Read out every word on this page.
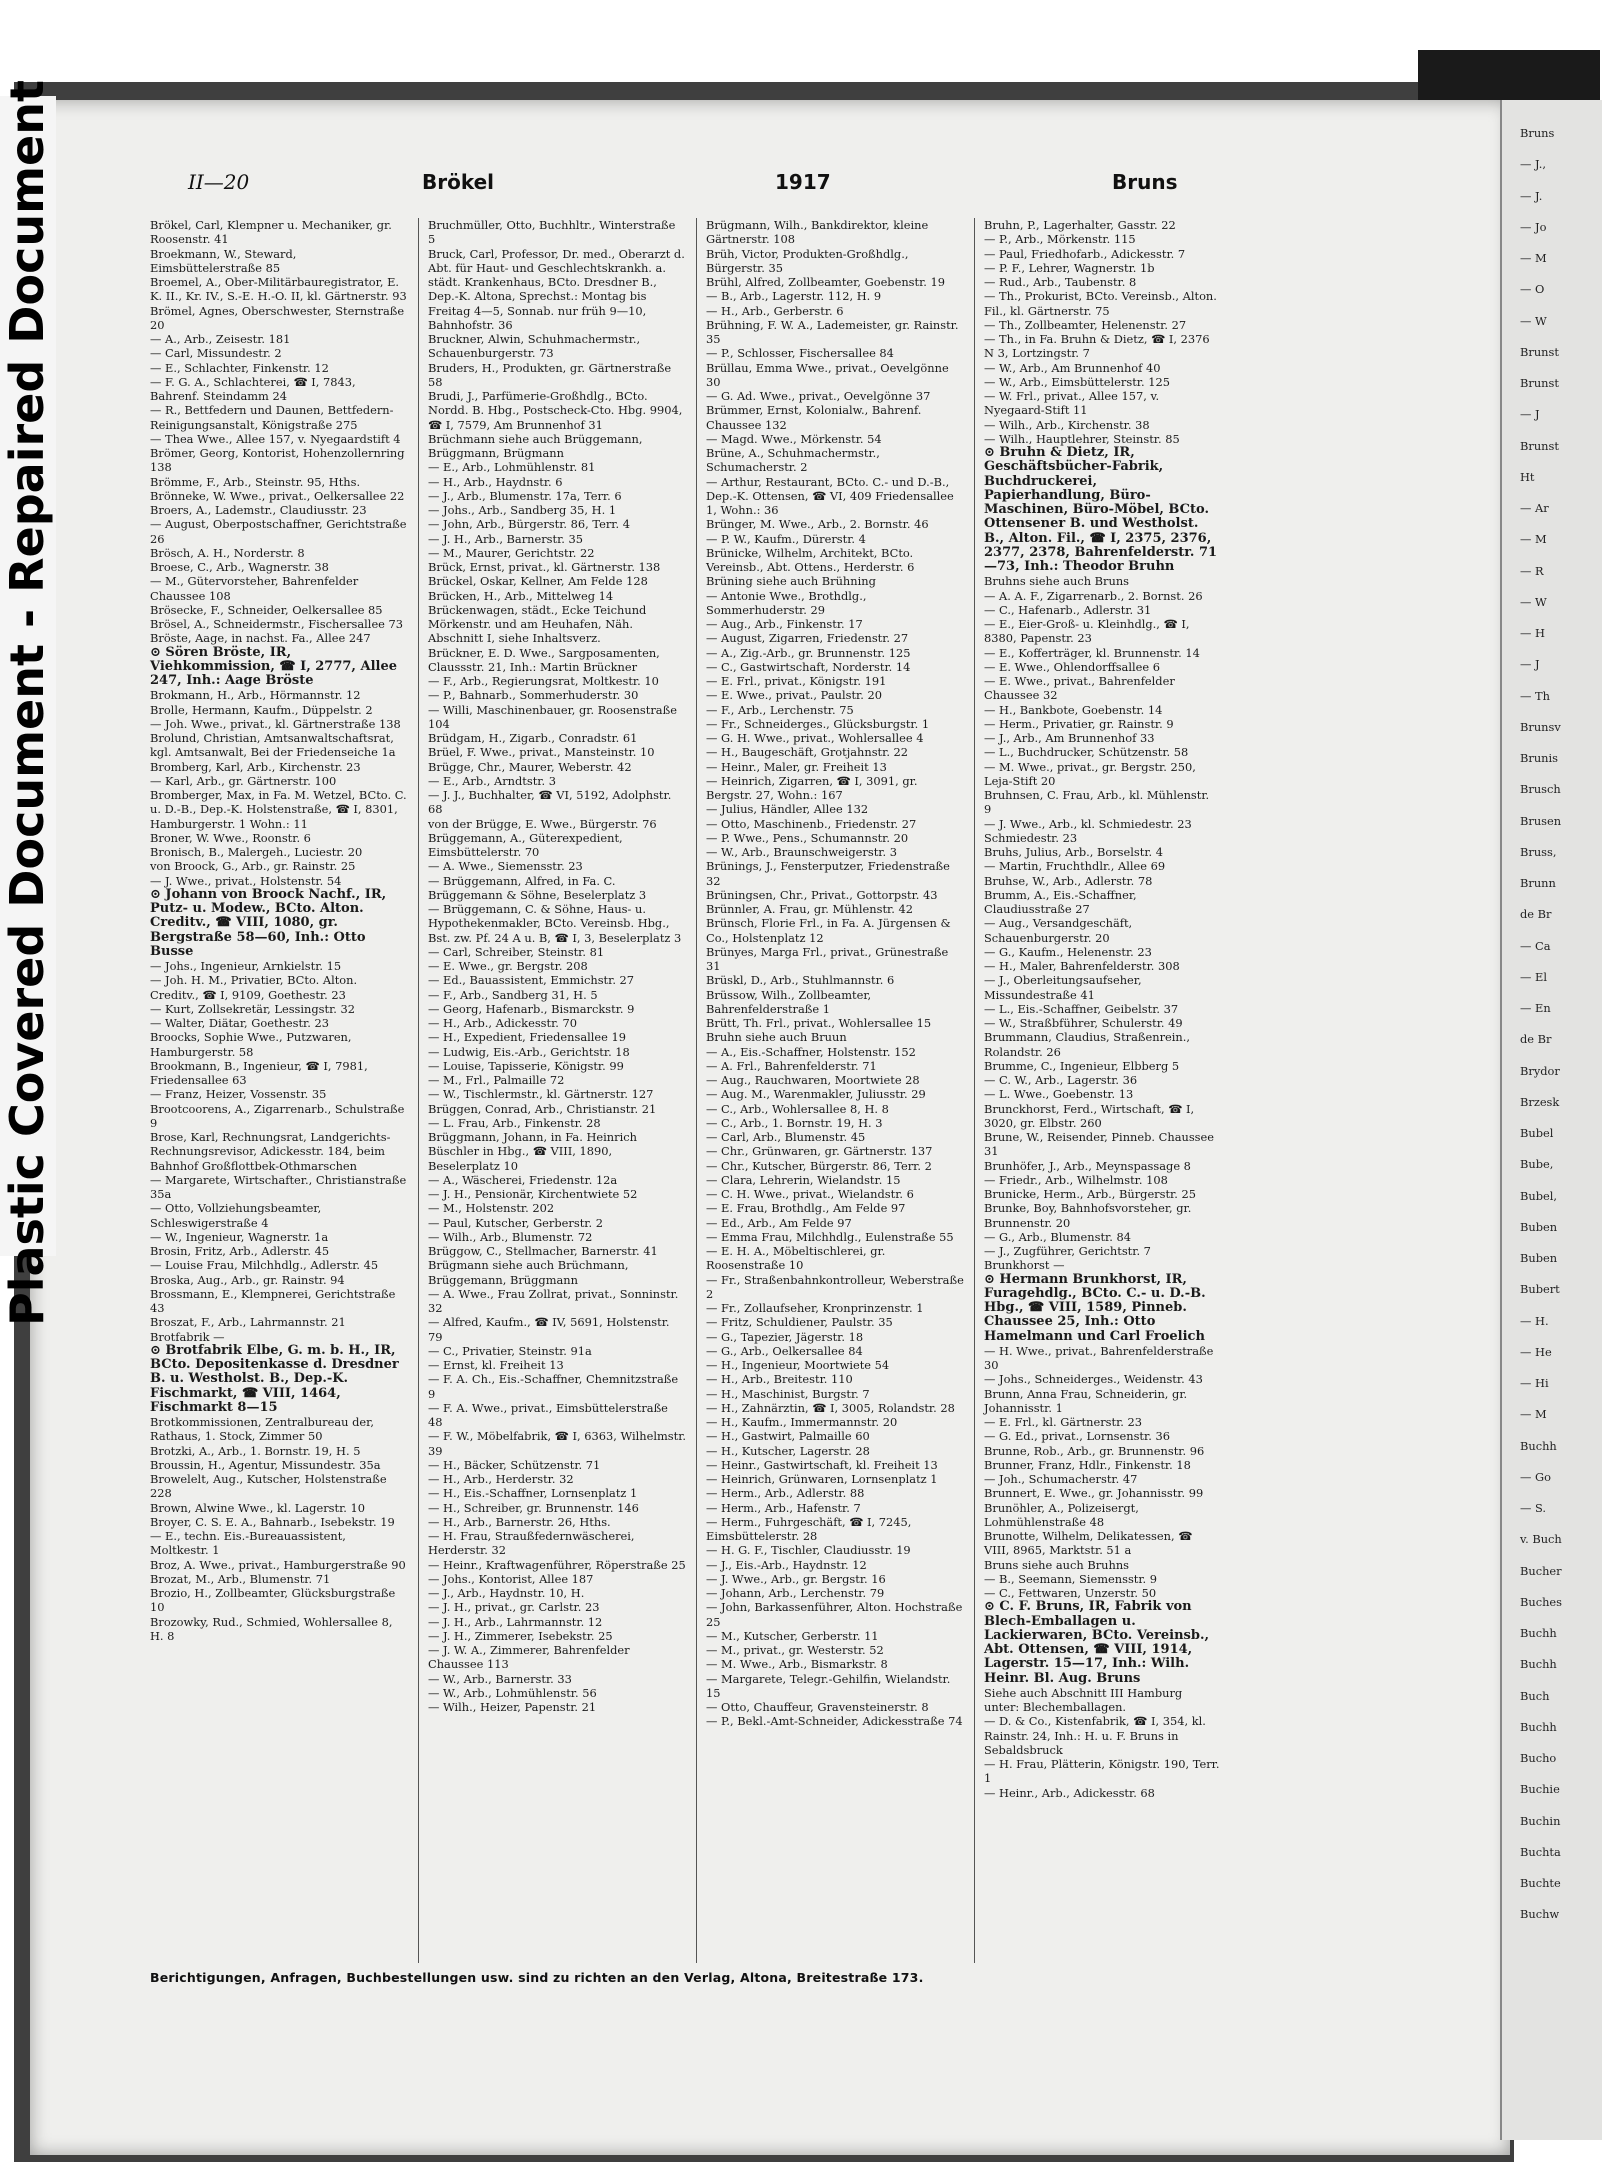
II—20	Brökel	1917	Bruns
Brökel, Carl, Klempner u. Mechaniker, gr. Roosenstr. 41
Broekmann, W., Steward, Eimsbüttelerstraße 85
Broemel, A., Ober-Militärbauregistrator, E. K. II., Kr. IV., S.-E. H.-O. II, kl. Gärtnerstr. 93
Brömel, Agnes, Oberschwester, Sternstraße 20
— A., Arb., Zeisestr. 181
— Carl, Missundestr. 2
— E., Schlachter, Finkenstr. 12
— F. G. A., Schlachterei, ☎ I, 7843, Bahrenf. Steindamm 24
— R., Bettfedern und Daunen, Bettfedern-Reinigungsanstalt, Königstraße 275
— Thea Wwe., Allee 157, v. Nyegaardstift 4
Brömer, Georg, Kontorist, Hohenzollernring 138
Brömme, F., Arb., Steinstr. 95, Hths.
Brönneke, W. Wwe., privat., Oelkersallee 22
Broers, A., Lademstr., Claudiusstr. 23
— August, Oberpostschaffner, Gerichtstraße 26
Brösch, A. H., Norderstr. 8
Broese, C., Arb., Wagnerstr. 38
— M., Gütervorsteher, Bahrenfelder Chaussee 108
Brösecke, F., Schneider, Oelkersallee 85
Brösel, A., Schneidermstr., Fischersallee 73
Bröste, Aage, in nachst. Fa., Allee 247
⊙ Sören Bröste, IR, Viehkommission, ☎ I, 2777, Allee 247, Inh.: Aage Bröste
Brokmann, H., Arb., Hörmannstr. 12
Brolle, Hermann, Kaufm., Düppelstr. 2
— Joh. Wwe., privat., kl. Gärtnerstraße 138
Brolund, Christian, Amtsanwaltschaftsrat, kgl. Amtsanwalt, Bei der Friedenseiche 1a
Bromberg, Karl, Arb., Kirchenstr. 23
— Karl, Arb., gr. Gärtnerstr. 100
Bromberger, Max, in Fa. M. Wetzel, BCto. C. u. D.-B., Dep.-K. Holstenstraße, ☎ I, 8301, Hamburgerstr. 1 Wohn.: 11
Broner, W. Wwe., Roonstr. 6
Bronisch, B., Malergeh., Luciestr. 20
von Broock, G., Arb., gr. Rainstr. 25
— J. Wwe., privat., Holstenstr. 54
⊙ Johann von Broock Nachf., IR, Putz- u. Modew., BCto. Alton. Creditv., ☎ VIII, 1080, gr. Bergstraße 58—60, Inh.: Otto Busse
— Johs., Ingenieur, Arnkielstr. 15
— Joh. H. M., Privatier, BCto. Alton. Creditv., ☎ I, 9109, Goethestr. 23
— Kurt, Zollsekretär, Lessingstr. 32
— Walter, Diätar, Goethestr. 23
Broocks, Sophie Wwe., Putzwaren, Hamburgerstr. 58
Brookmann, B., Ingenieur, ☎ I, 7981, Friedensallee 63
— Franz, Heizer, Vossenstr. 35
Brootcoorens, A., Zigarrenarb., Schulstraße 9
Brose, Karl, Rechnungsrat, Landgerichts-Rechnungsrevisor, Adickesstr. 184, beim Bahnhof Großflottbek-Othmarschen
— Margarete, Wirtschafter., Christianstraße 35a
— Otto, Vollziehungsbeamter, Schleswigerstraße 4
— W., Ingenieur, Wagnerstr. 1a
Brosin, Fritz, Arb., Adlerstr. 45
— Louise Frau, Milchhdlg., Adlerstr. 45
Broska, Aug., Arb., gr. Rainstr. 94
Brossmann, E., Klempnerei, Gerichtstraße 43
Broszat, F., Arb., Lahrmannstr. 21
Brotfabrik —
⊙ Brotfabrik Elbe, G. m. b. H., IR, BCto. Depositenkasse d. Dresdner B. u. Westholst. B., Dep.-K. Fischmarkt, ☎ VIII, 1464, Fischmarkt 8—15
Brotkommissionen, Zentralbureau der, Rathaus, 1. Stock, Zimmer 50
Brotzki, A., Arb., 1. Bornstr. 19, H. 5
Broussin, H., Agentur, Missundestr. 35a
Browelelt, Aug., Kutscher, Holstenstraße 228
Brown, Alwine Wwe., kl. Lagerstr. 10
Broyer, C. S. E. A., Bahnarb., Isebekstr. 19
— E., techn. Eis.-Bureauassistent, Moltkestr. 1
Broz, A. Wwe., privat., Hamburgerstraße 90
Brozat, M., Arb., Blumenstr. 71
Brozio, H., Zollbeamter, Glücksburgstraße 10
Brozowky, Rud., Schmied, Wohlersallee 8, H. 8
Bruchmüller, Otto, Buchhltr., Winterstraße 5
Bruck, Carl, Professor, Dr. med., Oberarzt d. Abt. für Haut- und Geschlechtskrankh. a. städt. Krankenhaus, BCto. Dresdner B., Dep.-K. Altona, Sprechst.: Montag bis Freitag 4—5, Sonnab. nur früh 9—10, Bahnhofstr. 36
Bruckner, Alwin, Schuhmachermstr., Schauenburgerstr. 73
Bruders, H., Produkten, gr. Gärtnerstraße 58
Brudi, J., Parfümerie-Großhdlg., BCto. Nordd. B. Hbg., Postscheck-Cto. Hbg. 9904, ☎ I, 7579, Am Brunnenhof 31
Brüchmann siehe auch Brüggemann, Brüggmann, Brügmann
— E., Arb., Lohmühlenstr. 81
— H., Arb., Haydnstr. 6
— J., Arb., Blumenstr. 17a, Terr. 6
— Johs., Arb., Sandberg 35, H. 1
— John, Arb., Bürgerstr. 86, Terr. 4
— J. H., Arb., Barnerstr. 35
— M., Maurer, Gerichtstr. 22
Brück, Ernst, privat., kl. Gärtnerstr. 138
Brückel, Oskar, Kellner, Am Felde 128
Brücken, H., Arb., Mittelweg 14
Brückenwagen, städt., Ecke Teichund Mörkenstr. und am Heuhafen, Näh. Abschnitt I, siehe Inhaltsverz.
Brückner, E. D. Wwe., Sargposamenten, Claussstr. 21, Inh.: Martin Brückner
— F., Arb., Regierungsrat, Moltkestr. 10
— P., Bahnarb., Sommerhuderstr. 30
— Willi, Maschinenbauer, gr. Roosenstraße 104
Brüdgam, H., Zigarb., Conradstr. 61
Brüel, F. Wwe., privat., Mansteinstr. 10
Brügge, Chr., Maurer, Weberstr. 42
— E., Arb., Arndtstr. 3
— J. J., Buchhalter, ☎ VI, 5192, Adolphstr. 68
von der Brügge, E. Wwe., Bürgerstr. 76
Brüggemann, A., Güterexpedient, Eimsbüttelerstr. 70
— A. Wwe., Siemensstr. 23
— Brüggemann, Alfred, in Fa. C. Brüggemann & Söhne, Beselerplatz 3
— Brüggemann, C. & Söhne, Haus- u. Hypothekenmakler, BCto. Vereinsb. Hbg., Bst. zw. Pf. 24 A u. B, ☎ I, 3, Beselerplatz 3
— Carl, Schreiber, Steinstr. 81
— E. Wwe., gr. Bergstr. 208
— Ed., Bauassistent, Emmichstr. 27
— F., Arb., Sandberg 31, H. 5
— Georg, Hafenarb., Bismarckstr. 9
— H., Arb., Adickesstr. 70
— H., Expedient, Friedensallee 19
— Ludwig, Eis.-Arb., Gerichtstr. 18
— Louise, Tapisserie, Königstr. 99
— M., Frl., Palmaille 72
— W., Tischlermstr., kl. Gärtnerstr. 127
Brüggen, Conrad, Arb., Christianstr. 21
— L. Frau, Arb., Finkenstr. 28
Brüggmann, Johann, in Fa. Heinrich Büschler in Hbg., ☎ VIII, 1890, Beselerplatz 10
— A., Wäscherei, Friedenstr. 12a
— J. H., Pensionär, Kirchentwiete 52
— M., Holstenstr. 202
— Paul, Kutscher, Gerberstr. 2
— Wilh., Arb., Blumenstr. 72
Brüggow, C., Stellmacher, Barnerstr. 41
Brügmann siehe auch Brüchmann, Brüggemann, Brüggmann
— A. Wwe., Frau Zollrat, privat., Sonninstr. 32
— Alfred, Kaufm., ☎ IV, 5691, Holstenstr. 79
— C., Privatier, Steinstr. 91a
— Ernst, kl. Freiheit 13
— F. A. Ch., Eis.-Schaffner, Chemnitzstraße 9
— F. A. Wwe., privat., Eimsbüttelerstraße 48
— F. W., Möbelfabrik, ☎ I, 6363, Wilhelmstr. 39
— H., Bäcker, Schützenstr. 71
— H., Arb., Herderstr. 32
— H., Eis.-Schaffner, Lornsenplatz 1
— H., Schreiber, gr. Brunnenstr. 146
— H., Arb., Barnerstr. 26, Hths.
— H. Frau, Straußfedernwäscherei, Herderstr. 32
— Heinr., Kraftwagenführer, Röperstraße 25
— Johs., Kontorist, Allee 187
— J., Arb., Haydnstr. 10, H.
— J. H., privat., gr. Carlstr. 23
— J. H., Arb., Lahrmannstr. 12
— J. H., Zimmerer, Isebekstr. 25
— J. W. A., Zimmerer, Bahrenfelder Chaussee 113
— W., Arb., Barnerstr. 33
— W., Arb., Lohmühlenstr. 56
— Wilh., Heizer, Papenstr. 21
Brügmann, Wilh., Bankdirektor, kleine Gärtnerstr. 108
Brüh, Victor, Produkten-Großhdlg., Bürgerstr. 35
Brühl, Alfred, Zollbeamter, Goebenstr. 19
— B., Arb., Lagerstr. 112, H. 9
— H., Arb., Gerberstr. 6
Brühning, F. W. A., Lademeister, gr. Rainstr. 35
— P., Schlosser, Fischersallee 84
Brüllau, Emma Wwe., privat., Oevelgönne 30
— G. Ad. Wwe., privat., Oevelgönne 37
Brümmer, Ernst, Kolonialw., Bahrenf. Chaussee 132
— Magd. Wwe., Mörkenstr. 54
Brüne, A., Schuhmachermstr., Schumacherstr. 2
— Arthur, Restaurant, BCto. C.- und D.-B., Dep.-K. Ottensen, ☎ VI, 409 Friedensallee 1, Wohn.: 36
Brünger, M. Wwe., Arb., 2. Bornstr. 46
— P. W., Kaufm., Dürerstr. 4
Brünicke, Wilhelm, Architekt, BCto. Vereinsb., Abt. Ottens., Herderstr. 6
Brüning siehe auch Brühning
— Antonie Wwe., Brothdlg., Sommerhuderstr. 29
— Aug., Arb., Finkenstr. 17
— August, Zigarren, Friedenstr. 27
— A., Zig.-Arb., gr. Brunnenstr. 125
— C., Gastwirtschaft, Norderstr. 14
— E. Frl., privat., Königstr. 191
— E. Wwe., privat., Paulstr. 20
— F., Arb., Lerchenstr. 75
— Fr., Schneiderges., Glücksburgstr. 1
— G. H. Wwe., privat., Wohlersallee 4
— H., Baugeschäft, Grotjahnstr. 22
— Heinr., Maler, gr. Freiheit 13
— Heinrich, Zigarren, ☎ I, 3091, gr. Bergstr. 27, Wohn.: 167
— Julius, Händler, Allee 132
— Otto, Maschinenb., Friedenstr. 27
— P. Wwe., Pens., Schumannstr. 20
— W., Arb., Braunschweigerstr. 3
Brünings, J., Fensterputzer, Friedenstraße 32
Brüningsen, Chr., Privat., Gottorpstr. 43
Brünnler, A. Frau, gr. Mühlenstr. 42
Brünsch, Florie Frl., in Fa. A. Jürgensen & Co., Holstenplatz 12
Brünyes, Marga Frl., privat., Grünestraße 31
Brüskl, D., Arb., Stuhlmannstr. 6
Brüssow, Wilh., Zollbeamter, Bahrenfelderstraße 1
Brütt, Th. Frl., privat., Wohlersallee 15
Bruhn siehe auch Bruun
— A., Eis.-Schaffner, Holstenstr. 152
— A. Frl., Bahrenfelderstr. 71
— Aug., Rauchwaren, Moortwiete 28
— Aug. M., Warenmakler, Juliusstr. 29
— C., Arb., Wohlersallee 8, H. 8
— C., Arb., 1. Bornstr. 19, H. 3
— Carl, Arb., Blumenstr. 45
— Chr., Grünwaren, gr. Gärtnerstr. 137
— Chr., Kutscher, Bürgerstr. 86, Terr. 2
— Clara, Lehrerin, Wielandstr. 15
— C. H. Wwe., privat., Wielandstr. 6
— E. Frau, Brothdlg., Am Felde 97
— Ed., Arb., Am Felde 97
— Emma Frau, Milchhdlg., Eulenstraße 55
— E. H. A., Möbeltischlerei, gr. Roosenstraße 10
— Fr., Straßenbahnkontrolleur, Weberstraße 2
— Fr., Zollaufseher, Kronprinzenstr. 1
— Fritz, Schuldiener, Paulstr. 35
— G., Tapezier, Jägerstr. 18
— G., Arb., Oelkersallee 84
— H., Ingenieur, Moortwiete 54
— H., Arb., Breitestr. 110
— H., Maschinist, Burgstr. 7
— H., Zahnärztin, ☎ I, 3005, Rolandstr. 28
— H., Kaufm., Immermannstr. 20
— H., Gastwirt, Palmaille 60
— H., Kutscher, Lagerstr. 28
— Heinr., Gastwirtschaft, kl. Freiheit 13
— Heinrich, Grünwaren, Lornsenplatz 1
— Herm., Arb., Adlerstr. 88
— Herm., Arb., Hafenstr. 7
— Herm., Fuhrgeschäft, ☎ I, 7245, Eimsbüttelerstr. 28
— H. G. F., Tischler, Claudiusstr. 19
— J., Eis.-Arb., Haydnstr. 12
— J. Wwe., Arb., gr. Bergstr. 16
— Johann, Arb., Lerchenstr. 79
— John, Barkassenführer, Alton. Hochstraße 25
— M., Kutscher, Gerberstr. 11
— M., privat., gr. Westerstr. 52
— M. Wwe., Arb., Bismarkstr. 8
— Margarete, Telegr.-Gehilfin, Wielandstr. 15
— Otto, Chauffeur, Gravensteinerstr. 8
— P., Bekl.-Amt-Schneider, Adickesstraße 74
Bruhn, P., Lagerhalter, Gasstr. 22
— P., Arb., Mörkenstr. 115
— Paul, Friedhofarb., Adickesstr. 7
— P. F., Lehrer, Wagnerstr. 1b
— Rud., Arb., Taubenstr. 8
— Th., Prokurist, BCto. Vereinsb., Alton. Fil., kl. Gärtnerstr. 75
— Th., Zollbeamter, Helenenstr. 27
— Th., in Fa. Bruhn & Dietz, ☎ I, 2376 N 3, Lortzingstr. 7
— W., Arb., Am Brunnenhof 40
— W., Arb., Eimsbüttelerstr. 125
— W. Frl., privat., Allee 157, v. Nyegaard-Stift 11
— Wilh., Arb., Kirchenstr. 38
— Wilh., Hauptlehrer, Steinstr. 85
⊙ Bruhn & Dietz, IR, Geschäftsbücher-Fabrik, Buchdruckerei, Papierhandlung, Büro-Maschinen, Büro-Möbel, BCto. Ottensener B. und Westholst. B., Alton. Fil., ☎ I, 2375, 2376, 2377, 2378, Bahrenfelderstr. 71—73, Inh.: Theodor Bruhn
Bruhns siehe auch Bruns
— A. A. F., Zigarrenarb., 2. Bornst. 26
— C., Hafenarb., Adlerstr. 31
— E., Eier-Groß- u. Kleinhdlg., ☎ I, 8380, Papenstr. 23
— E., Kofferträger, kl. Brunnenstr. 14
— E. Wwe., Ohlendorffsallee 6
— E. Wwe., privat., Bahrenfelder Chaussee 32
— H., Bankbote, Goebenstr. 14
— Herm., Privatier, gr. Rainstr. 9
— J., Arb., Am Brunnenhof 33
— L., Buchdrucker, Schützenstr. 58
— M. Wwe., privat., gr. Bergstr. 250, Leja-Stift 20
Bruhnsen, C. Frau, Arb., kl. Mühlenstr. 9
— J. Wwe., Arb., kl. Schmiedestr. 23
Schmiedestr. 23
Bruhs, Julius, Arb., Borselstr. 4
— Martin, Fruchthdlr., Allee 69
Bruhse, W., Arb., Adlerstr. 78
Brumm, A., Eis.-Schaffner, Claudiusstraße 27
— Aug., Versandgeschäft, Schauenburgerstr. 20
— G., Kaufm., Helenenstr. 23
— H., Maler, Bahrenfelderstr. 308
— J., Oberleitungsaufseher, Missundestraße 41
— L., Eis.-Schaffner, Geibelstr. 37
— W., Straßbführer, Schulerstr. 49
Brummann, Claudius, Straßenrein., Rolandstr. 26
Brumme, C., Ingenieur, Elbberg 5
— C. W., Arb., Lagerstr. 36
— L. Wwe., Goebenstr. 13
Brunckhorst, Ferd., Wirtschaft, ☎ I, 3020, gr. Elbstr. 260
Brune, W., Reisender, Pinneb. Chaussee 31
Brunhöfer, J., Arb., Meynspassage 8
— Friedr., Arb., Wilhelmstr. 108
Brunicke, Herm., Arb., Bürgerstr. 25
Brunke, Boy, Bahnhofsvorsteher, gr. Brunnenstr. 20
— G., Arb., Blumenstr. 84
— J., Zugführer, Gerichtstr. 7
Brunkhorst —
⊙ Hermann Brunkhorst, IR, Furagehdlg., BCto. C.- u. D.-B. Hbg., ☎ VIII, 1589, Pinneb. Chaussee 25, Inh.: Otto Hamelmann und Carl Froelich
— H. Wwe., privat., Bahrenfelderstraße 30
— Johs., Schneiderges., Weidenstr. 43
Brunn, Anna Frau, Schneiderin, gr. Johannisstr. 1
— E. Frl., kl. Gärtnerstr. 23
— G. Ed., privat., Lornsenstr. 36
Brunne, Rob., Arb., gr. Brunnenstr. 96
Brunner, Franz, Hdlr., Finkenstr. 18
— Joh., Schumacherstr. 47
Brunnert, E. Wwe., gr. Johannisstr. 99
Brunöhler, A., Polizeisergt, Lohmühlenstraße 48
Brunotte, Wilhelm, Delikatessen, ☎ VIII, 8965, Marktstr. 51 a
Bruns siehe auch Bruhns
— B., Seemann, Siemensstr. 9
— C., Fettwaren, Unzerstr. 50
⊙ C. F. Bruns, IR, Fabrik von Blech-Emballagen u. Lackierwaren, BCto. Vereinsb., Abt. Ottensen, ☎ VIII, 1914, Lagerstr. 15—17, Inh.: Wilh. Heinr. Bl. Aug. Bruns
Siehe auch Abschnitt III Hamburg unter: Blechemballagen.
— D. & Co., Kistenfabrik, ☎ I, 354, kl. Rainstr. 24, Inh.: H. u. F. Bruns in Sebaldsbruck
— H. Frau, Plätterin, Königstr. 190, Terr. 1
— Heinr., Arb., Adickesstr. 68
Berichtigungen, Anfragen, Buchbestellungen usw. sind zu richten an den Verlag, Altona, Breitestraße 173.
Bruns
— J.,
— J.
— Jo
— M
— O
— W
Brunst
Brunst
— J
Brunst
Ht
— Ar
— M
— R
— W
— H
— J
— Th
Brunsv
Brunis
Brusch
Brusen
Bruss,
Brunn
de Br
— Ca
— El
— En
de Br
Brydor
Brzesk
Bubel
Bube,
Bubel,
Buben
Buben
Bubert
— H.
— He
— Hi
— M
Buchh
— Go
— S.
v. Buch
Bucher
Buches
Buchh
Buchh
Buch
Buchh
Bucho
Buchie
Buchin
Buchta
Buchte
Buchw
Plastic Covered Document - Repaired Document
